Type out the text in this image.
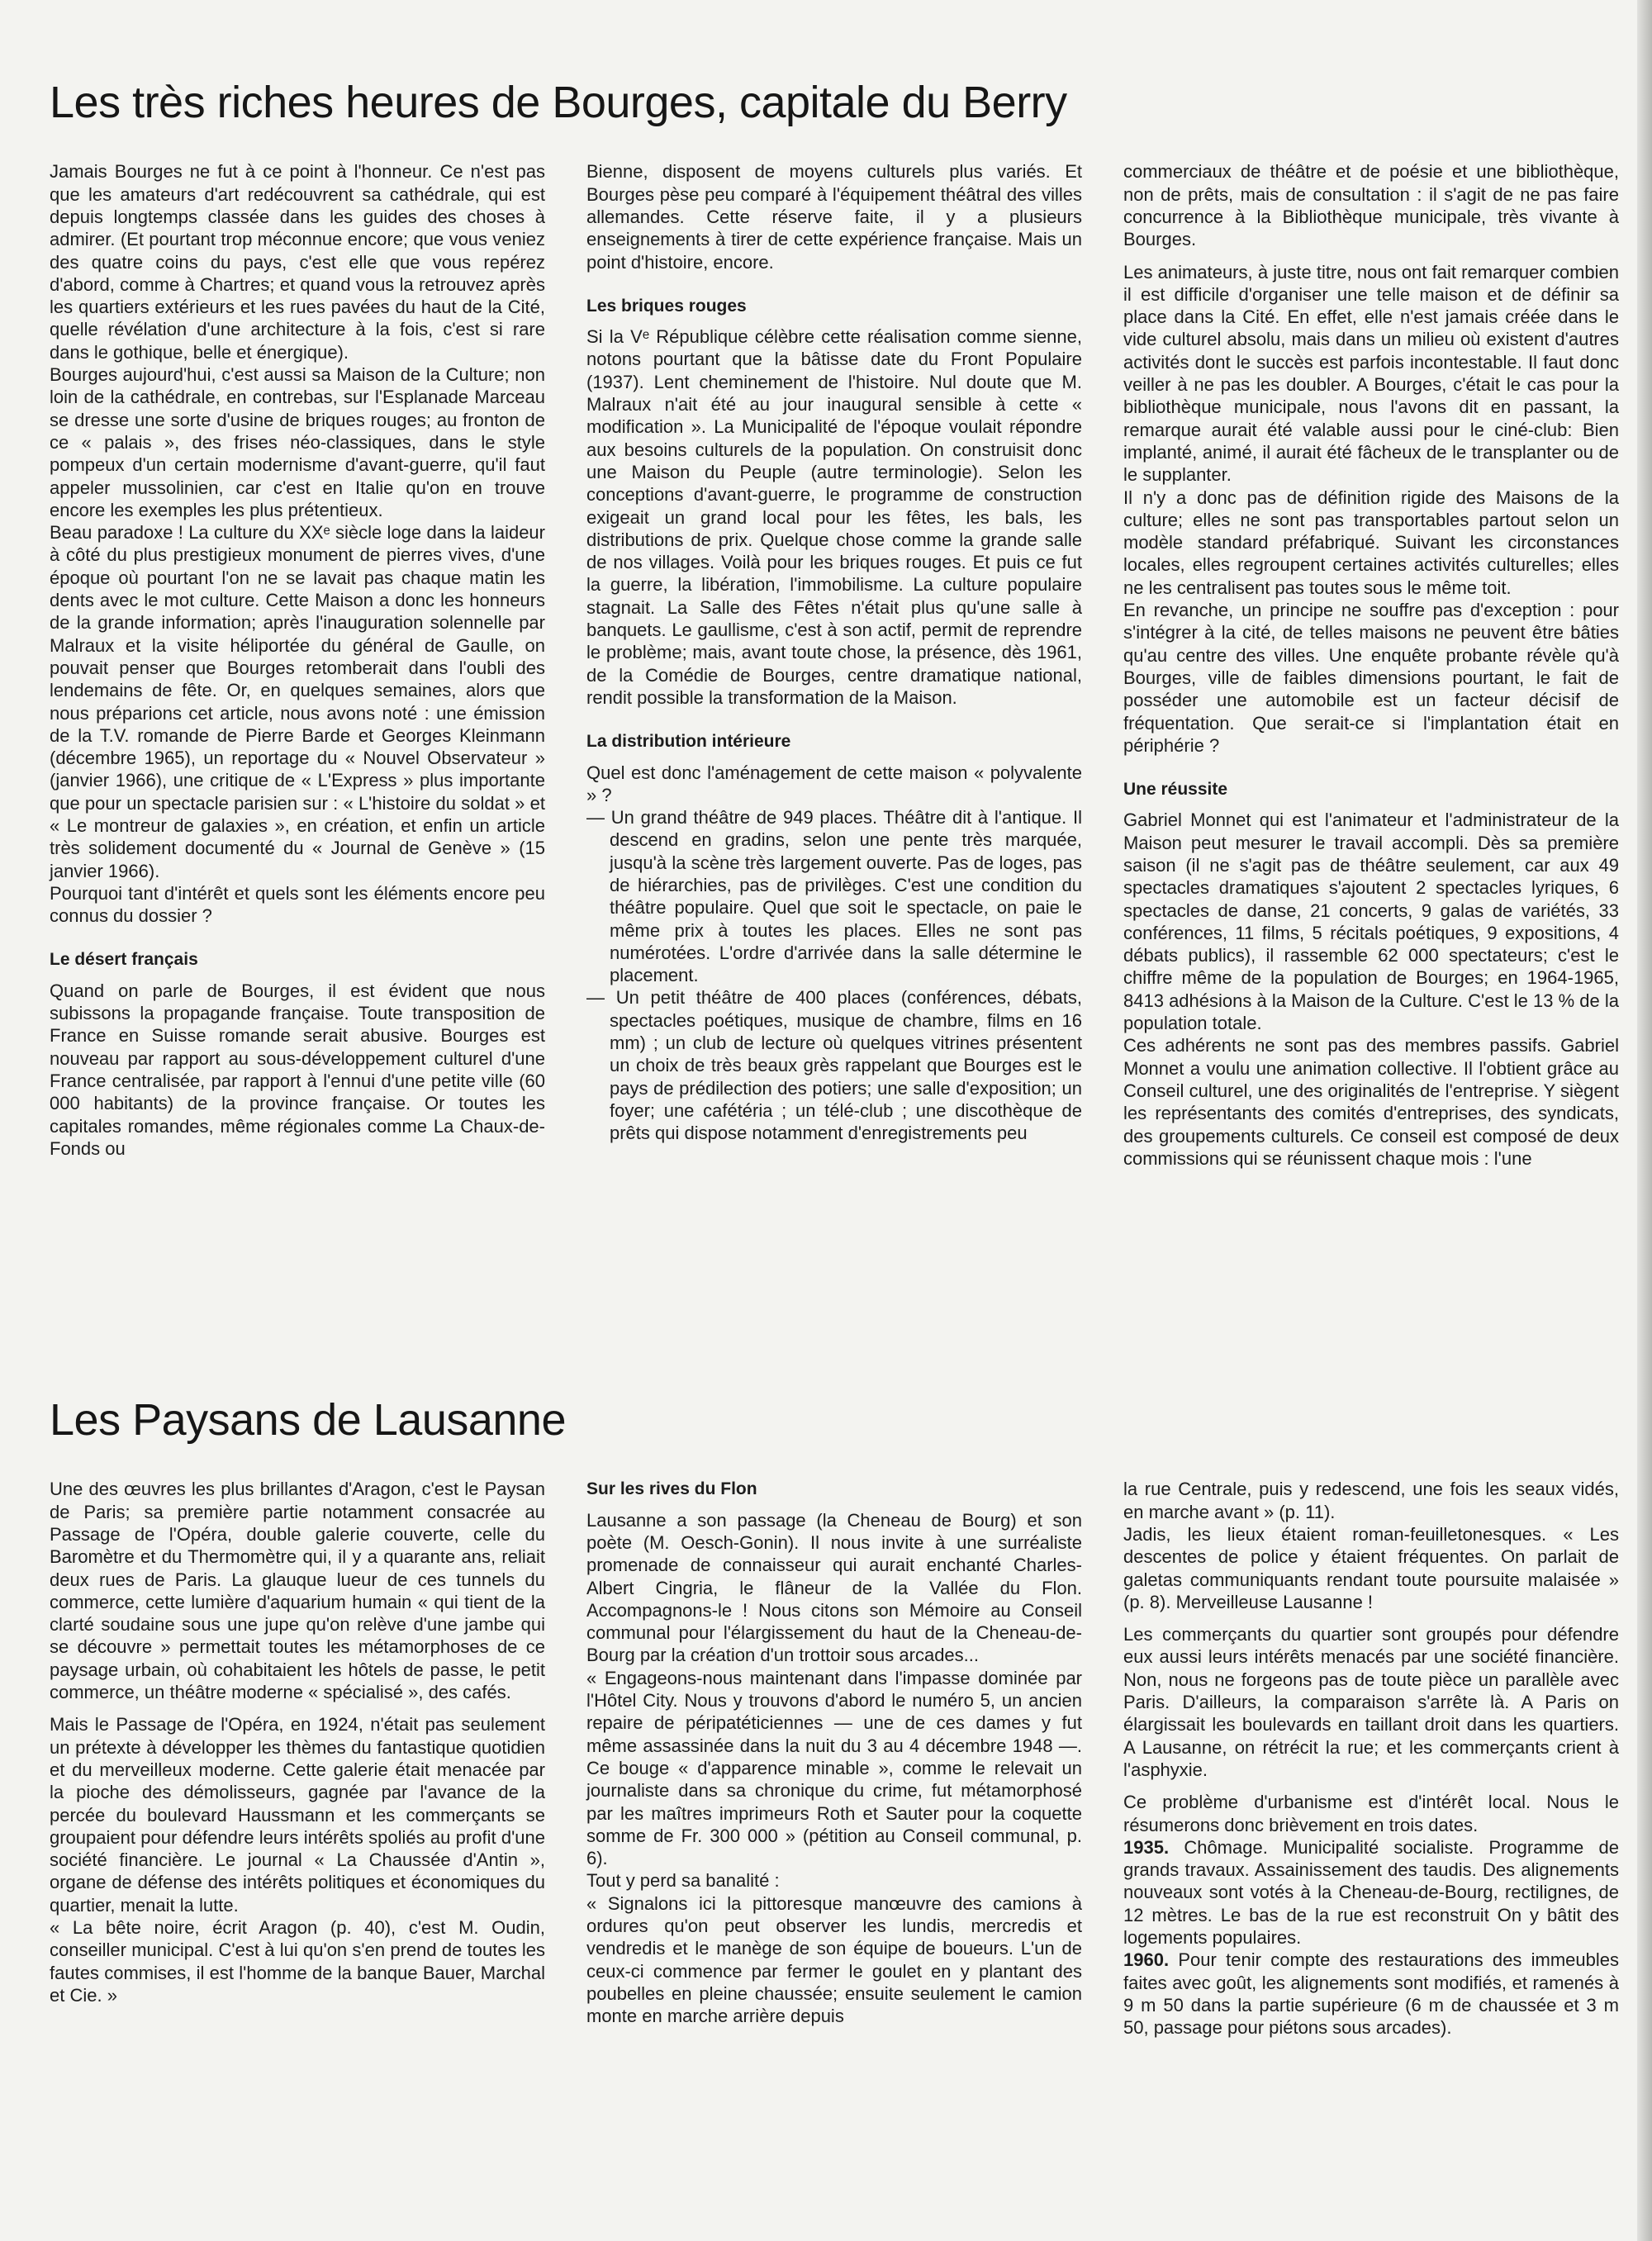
Les très riches heures de Bourges, capitale du Berry

Jamais Bourges ne fut à ce point à l'honneur. Ce n'est pas que les amateurs d'art redécouvrent sa cathédrale, qui est depuis longtemps classée dans les guides des choses à admirer. (Et pourtant trop méconnue encore; que vous veniez des quatre coins du pays, c'est elle que vous repérez d'abord, comme à Chartres; et quand vous la retrouvez après les quartiers extérieurs et les rues pavées du haut de la Cité, quelle révélation d'une architecture à la fois, c'est si rare dans le gothique, belle et énergique).

Bourges aujourd'hui, c'est aussi sa Maison de la Culture; non loin de la cathédrale, en contrebas, sur l'Esplanade Marceau se dresse une sorte d'usine de briques rouges; au fronton de ce « palais », des frises néo-classiques, dans le style pompeux d'un certain modernisme d'avant-guerre, qu'il faut appeler mussolinien, car c'est en Italie qu'on en trouve encore les exemples les plus prétentieux.

Beau paradoxe ! La culture du XXᵉ siècle loge dans la laideur à côté du plus prestigieux monument de pierres vives, d'une époque où pourtant l'on ne se lavait pas chaque matin les dents avec le mot culture. Cette Maison a donc les honneurs de la grande information; après l'inauguration solennelle par Malraux et la visite héliportée du général de Gaulle, on pouvait penser que Bourges retomberait dans l'oubli des lendemains de fête. Or, en quelques semaines, alors que nous préparions cet article, nous avons noté : une émission de la T.V. romande de Pierre Barde et Georges Kleinmann (décembre 1965), un reportage du « Nouvel Observateur » (janvier 1966), une critique de « L'Express » plus importante que pour un spectacle parisien sur : « L'histoire du soldat » et « Le montreur de galaxies », en création, et enfin un article très solidement documenté du « Journal de Genève » (15 janvier 1966).

Pourquoi tant d'intérêt et quels sont les éléments encore peu connus du dossier ?

Le désert français

Quand on parle de Bourges, il est évident que nous subissons la propagande française. Toute transposition de France en Suisse romande serait abusive. Bourges est nouveau par rapport au sous-développement culturel d'une France centralisée, par rapport à l'ennui d'une petite ville (60 000 habitants) de la province française. Or toutes les capitales romandes, même régionales comme La Chaux-de-Fonds ou

Bienne, disposent de moyens culturels plus variés. Et Bourges pèse peu comparé à l'équipement théâtral des villes allemandes. Cette réserve faite, il y a plusieurs enseignements à tirer de cette expérience française. Mais un point d'histoire, encore.

Les briques rouges

Si la Vᵉ République célèbre cette réalisation comme sienne, notons pourtant que la bâtisse date du Front Populaire (1937). Lent cheminement de l'histoire. Nul doute que M. Malraux n'ait été au jour inaugural sensible à cette « modification ». La Municipalité de l'époque voulait répondre aux besoins culturels de la population. On construisit donc une Maison du Peuple (autre terminologie). Selon les conceptions d'avant-guerre, le programme de construction exigeait un grand local pour les fêtes, les bals, les distributions de prix. Quelque chose comme la grande salle de nos villages. Voilà pour les briques rouges. Et puis ce fut la guerre, la libération, l'immobilisme. La culture populaire stagnait. La Salle des Fêtes n'était plus qu'une salle à banquets. Le gaullisme, c'est à son actif, permit de reprendre le problème; mais, avant toute chose, la présence, dès 1961, de la Comédie de Bourges, centre dramatique national, rendit possible la transformation de la Maison.

La distribution intérieure

Quel est donc l'aménagement de cette maison « polyvalente » ?

— Un grand théâtre de 949 places. Théâtre dit à l'antique. Il descend en gradins, selon une pente très marquée, jusqu'à la scène très largement ouverte. Pas de loges, pas de hiérarchies, pas de privilèges. C'est une condition du théâtre populaire. Quel que soit le spectacle, on paie le même prix à toutes les places. Elles ne sont pas numérotées. L'ordre d'arrivée dans la salle détermine le placement.

— Un petit théâtre de 400 places (conférences, débats, spectacles poétiques, musique de chambre, films en 16 mm) ; un club de lecture où quelques vitrines présentent un choix de très beaux grès rappelant que Bourges est le pays de prédilection des potiers; une salle d'exposition; un foyer; une cafétéria ; un télé-club ; une discothèque de prêts qui dispose notamment d'enregistrements peu

commerciaux de théâtre et de poésie et une bibliothèque, non de prêts, mais de consultation : il s'agit de ne pas faire concurrence à la Bibliothèque municipale, très vivante à Bourges.

Les animateurs, à juste titre, nous ont fait remarquer combien il est difficile d'organiser une telle maison et de définir sa place dans la Cité. En effet, elle n'est jamais créée dans le vide culturel absolu, mais dans un milieu où existent d'autres activités dont le succès est parfois incontestable. Il faut donc veiller à ne pas les doubler. A Bourges, c'était le cas pour la bibliothèque municipale, nous l'avons dit en passant, la remarque aurait été valable aussi pour le ciné-club: Bien implanté, animé, il aurait été fâcheux de le transplanter ou de le supplanter.

Il n'y a donc pas de définition rigide des Maisons de la culture; elles ne sont pas transportables partout selon un modèle standard préfabriqué. Suivant les circonstances locales, elles regroupent certaines activités culturelles; elles ne les centralisent pas toutes sous le même toit.

En revanche, un principe ne souffre pas d'exception : pour s'intégrer à la cité, de telles maisons ne peuvent être bâties qu'au centre des villes. Une enquête probante révèle qu'à Bourges, ville de faibles dimensions pourtant, le fait de posséder une automobile est un facteur décisif de fréquentation. Que serait-ce si l'implantation était en périphérie ?

Une réussite

Gabriel Monnet qui est l'animateur et l'administrateur de la Maison peut mesurer le travail accompli. Dès sa première saison (il ne s'agit pas de théâtre seulement, car aux 49 spectacles dramatiques s'ajoutent 2 spectacles lyriques, 6 spectacles de danse, 21 concerts, 9 galas de variétés, 33 conférences, 11 films, 5 récitals poétiques, 9 expositions, 4 débats publics), il rassemble 62 000 spectateurs; c'est le chiffre même de la population de Bourges; en 1964-1965, 8413 adhésions à la Maison de la Culture. C'est le 13 % de la population totale.

Ces adhérents ne sont pas des membres passifs. Gabriel Monnet a voulu une animation collective. Il l'obtient grâce au Conseil culturel, une des originalités de l'entreprise. Y siègent les représentants des comités d'entreprises, des syndicats, des groupements culturels. Ce conseil est composé de deux commissions qui se réunissent chaque mois : l'une

Les Paysans de Lausanne

Une des œuvres les plus brillantes d'Aragon, c'est le Paysan de Paris; sa première partie notamment consacrée au Passage de l'Opéra, double galerie couverte, celle du Baromètre et du Thermomètre qui, il y a quarante ans, reliait deux rues de Paris. La glauque lueur de ces tunnels du commerce, cette lumière d'aquarium humain « qui tient de la clarté soudaine sous une jupe qu'on relève d'une jambe qui se découvre » permettait toutes les métamorphoses de ce paysage urbain, où cohabitaient les hôtels de passe, le petit commerce, un théâtre moderne « spécialisé », des cafés.

Mais le Passage de l'Opéra, en 1924, n'était pas seulement un prétexte à développer les thèmes du fantastique quotidien et du merveilleux moderne. Cette galerie était menacée par la pioche des démolisseurs, gagnée par l'avance de la percée du boulevard Haussmann et les commerçants se groupaient pour défendre leurs intérêts spoliés au profit d'une société financière. Le journal « La Chaussée d'Antin », organe de défense des intérêts politiques et économiques du quartier, menait la lutte.

« La bête noire, écrit Aragon (p. 40), c'est M. Oudin, conseiller municipal. C'est à lui qu'on s'en prend de toutes les fautes commises, il est l'homme de la banque Bauer, Marchal et Cie. »

Sur les rives du Flon

Lausanne a son passage (la Cheneau de Bourg) et son poète (M. Oesch-Gonin). Il nous invite à une surréaliste promenade de connaisseur qui aurait enchanté Charles-Albert Cingria, le flâneur de la Vallée du Flon. Accompagnons-le ! Nous citons son Mémoire au Conseil communal pour l'élargissement du haut de la Cheneau-de-Bourg par la création d'un trottoir sous arcades...

« Engageons-nous maintenant dans l'impasse dominée par l'Hôtel City. Nous y trouvons d'abord le numéro 5, un ancien repaire de péripatéticiennes — une de ces dames y fut même assassinée dans la nuit du 3 au 4 décembre 1948 —. Ce bouge « d'apparence minable », comme le relevait un journaliste dans sa chronique du crime, fut métamorphosé par les maîtres imprimeurs Roth et Sauter pour la coquette somme de Fr. 300 000 » (pétition au Conseil communal, p. 6).

Tout y perd sa banalité :

« Signalons ici la pittoresque manœuvre des camions à ordures qu'on peut observer les lundis, mercredis et vendredis et le manège de son équipe de boueurs. L'un de ceux-ci commence par fermer le goulet en y plantant des poubelles en pleine chaussée; ensuite seulement le camion monte en marche arrière depuis

la rue Centrale, puis y redescend, une fois les seaux vidés, en marche avant » (p. 11).

Jadis, les lieux étaient roman-feuilletonesques. « Les descentes de police y étaient fréquentes. On parlait de galetas communiquants rendant toute poursuite malaisée » (p. 8). Merveilleuse Lausanne !

Les commerçants du quartier sont groupés pour défendre eux aussi leurs intérêts menacés par une société financière. Non, nous ne forgeons pas de toute pièce un parallèle avec Paris. D'ailleurs, la comparaison s'arrête là. A Paris on élargissait les boulevards en taillant droit dans les quartiers. A Lausanne, on rétrécit la rue; et les commerçants crient à l'asphyxie.

Ce problème d'urbanisme est d'intérêt local. Nous le résumerons donc brièvement en trois dates.

1935. Chômage. Municipalité socialiste. Programme de grands travaux. Assainissement des taudis. Des alignements nouveaux sont votés à la Cheneau-de-Bourg, rectilignes, de 12 mètres. Le bas de la rue est reconstruit On y bâtit des logements populaires.

1960. Pour tenir compte des restaurations des immeubles faites avec goût, les alignements sont modifiés, et ramenés à 9 m 50 dans la partie supérieure (6 m de chaussée et 3 m 50, passage pour piétons sous arcades).
